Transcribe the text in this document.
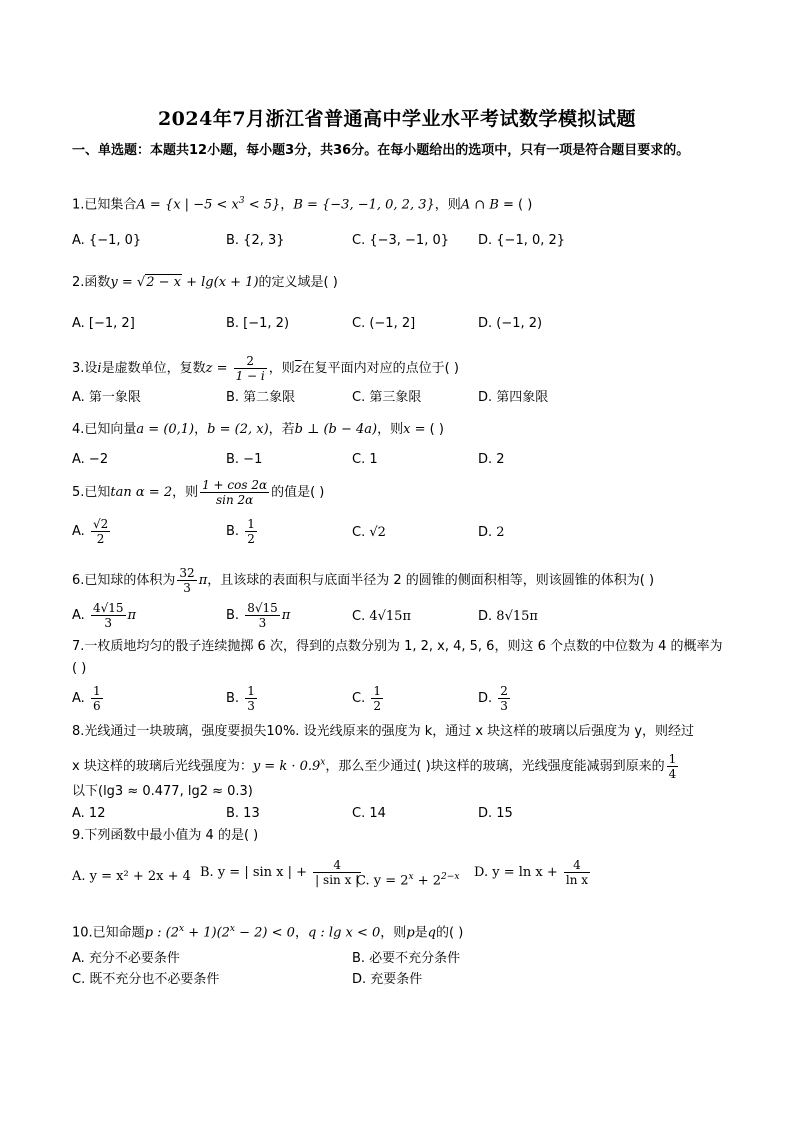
2024年7月浙江省普通高中学业水平考试数学模拟试题
一、单选题：本题共12小题，每小题3分，共36分。在每小题给出的选项中，只有一项是符合题目要求的。
1.已知集合A = {x | $-5 < x^3 < 5$}，B = {−3, −1, 0, 2, 3}，则A ∩ B = ( )
A. {−1, 0}	B. {2, 3}	C. {−3, −1, 0} D. {−1, 0, 2}
2.函数y = √2 − x + lg(x + 1)的定义域是( )
A. [−1, 2]	B. [−1, 2)	C. (−1, 2]	D. (−1, 2)
3.设i是虚数单位，复数$z = \frac{2}{1 - i}$ ，则$\overline{z}$在复平面内对应的点位于( )
A. 第一象限	B. 第二象限	C. 第三象限	D. 第四象限
4.已知向量a = (0,1)，b = (2, x)，若b ⊥ (b − 4a)，则x = ( )
A. −2	B. −1	C. 1	D. 2
5.已知tan α = 2，则 $\frac{1 + \cos 2\alpha}{\sin 2\alpha}$ 的值是( )
A. $\frac{√2}{2}$	B. $\frac{1}{2}$	C. √2	D. 2
6.已知球的体积为 $\frac{32}{3}$ π，且该球的表面积与底面半径为 2 的圆锥的侧面积相等，则该圆锥的体积为( )
A. $\frac{4√15}{3}$ π	B. $\frac{8√15}{3}$ π	C. 4√15π	D. 8√15π
7.一枚质地均匀的骰子连续抛掷 6 次，得到的点数分别为 1, 2, x, 4, 5, 6，则这 6 个点数的中位数为 4 的概率为
( )
A. $\frac{1}{6}$	B. $\frac{1}{3}$	C. $\frac{1}{2}$	D. $\frac{2}{3}$
8.光线通过一块玻璃，强度要损失10%. 设光线原来的强度为 k，通过 x 块这样的玻璃以后强度为 y，则经过
x 块这样的玻璃后光线强度为：$y = k \cdot 0.9^x$，那么至少通过( )块这样的玻璃，光线强度能减弱到原来的 $\frac{1}{4}$
以下(lg3 ≈ 0.477, lg2 ≈ 0.3)
A. 12	B. 13	C. 14	D. 15
9.下列函数中最小值为 4 的是( )
A. y = x² + 2x + 4 B. y = | sin x | + $\frac{4}{\text{| sin x |}}$
C. $y = 2^x + 2^{2-x}$ D. $y = \ln x + \frac{4}{\text{ln x}}$
10.已知命题p : $(2^x + 1)(2^x - 2) < 0$，q : lg x < 0，则p是q的( )
A. 充分不必要条件	B. 必要不充分条件
C. 既不充分也不必要条件	D. 充要条件
